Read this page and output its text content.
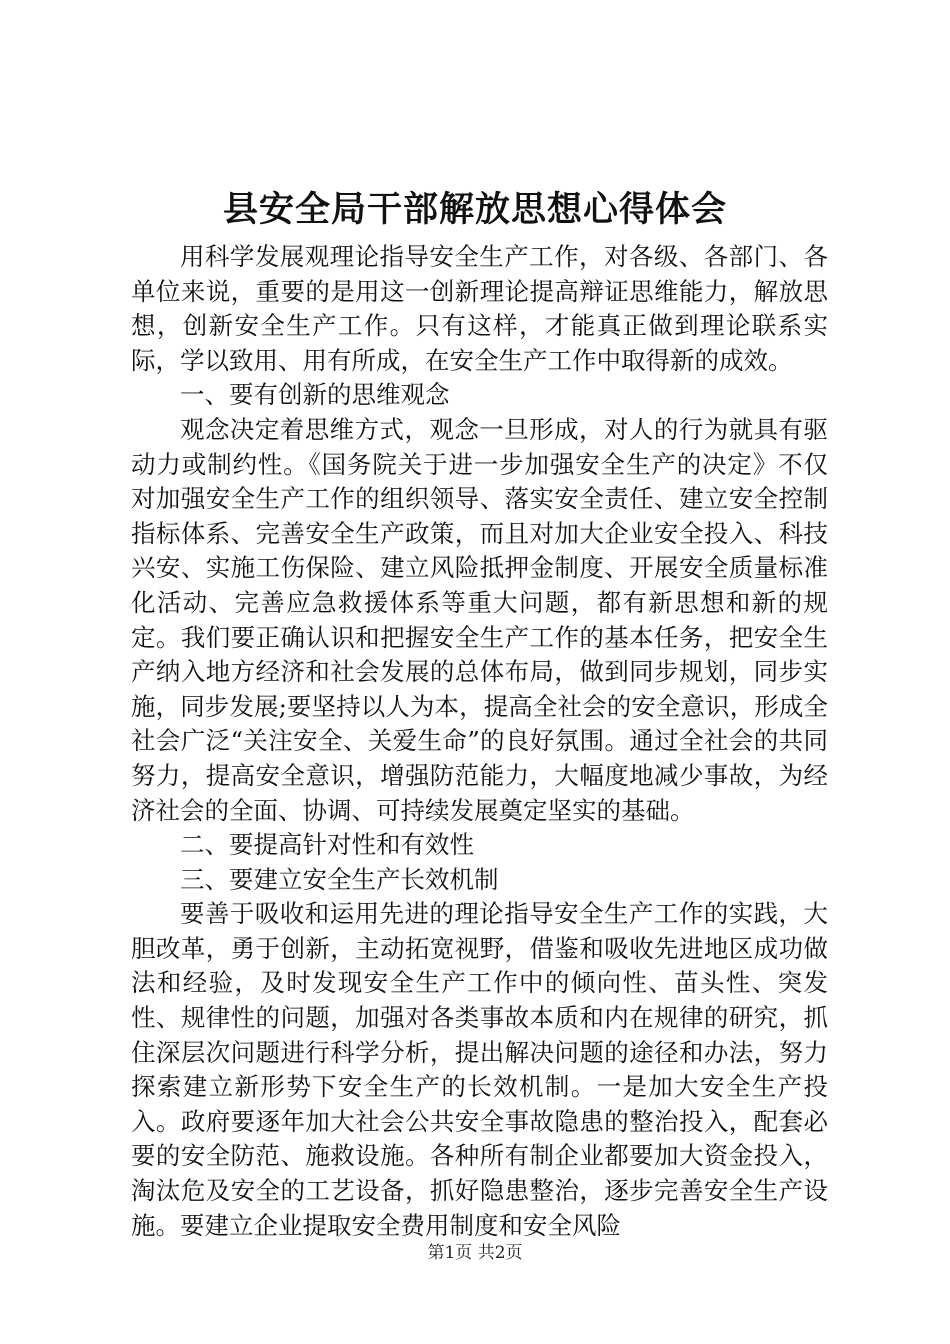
县安全局干部解放思想心得体会

用科学发展观理论指导安全生产工作，对各级、各部门、各单位来说，重要的是用这一创新理论提高辩证思维能力，解放思想，创新安全生产工作。只有这样，才能真正做到理论联系实际，学以致用、用有所成，在安全生产工作中取得新的成效。

一、要有创新的思维观念

观念决定着思维方式，观念一旦形成，对人的行为就具有驱动力或制约性。《国务院关于进一步加强安全生产的决定》不仅对加强安全生产工作的组织领导、落实安全责任、建立安全控制指标体系、完善安全生产政策，而且对加大企业安全投入、科技兴安、实施工伤保险、建立风险抵押金制度、开展安全质量标准化活动、完善应急救援体系等重大问题，都有新思想和新的规定。我们要正确认识和把握安全生产工作的基本任务，把安全生产纳入地方经济和社会发展的总体布局，做到同步规划，同步实施，同步发展;要坚持以人为本，提高全社会的安全意识，形成全社会广泛“关注安全、关爱生命”的良好氛围。通过全社会的共同努力，提高安全意识，增强防范能力，大幅度地减少事故，为经济社会的全面、协调、可持续发展奠定坚实的基础。

二、要提高针对性和有效性

三、要建立安全生产长效机制

要善于吸收和运用先进的理论指导安全生产工作的实践，大胆改革，勇于创新，主动拓宽视野，借鉴和吸收先进地区成功做法和经验，及时发现安全生产工作中的倾向性、苗头性、突发性、规律性的问题，加强对各类事故本质和内在规律的研究，抓住深层次问题进行科学分析，提出解决问题的途径和办法，努力探索建立新形势下安全生产的长效机制。一是加大安全生产投入。政府要逐年加大社会公共安全事故隐患的整治投入，配套必要的安全防范、施救设施。各种所有制企业都要加大资金投入，淘汰危及安全的工艺设备，抓好隐患整治，逐步完善安全生产设施。要建立企业提取安全费用制度和安全风险

第1页 共2页
